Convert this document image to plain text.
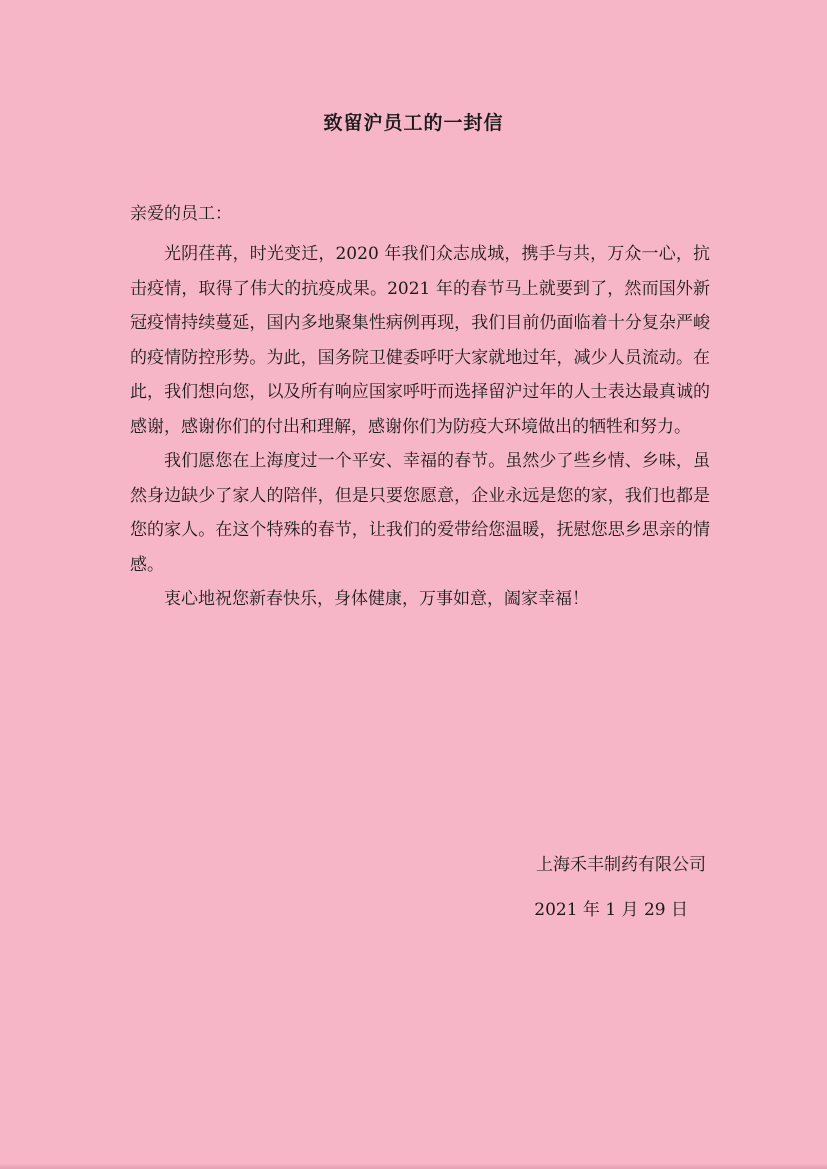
致留沪员工的一封信
亲爱的员工：

光阴荏苒，时光变迁，2020 年我们众志成城，携手与共，万众一心，抗击疫情，取得了伟大的抗疫成果。2021 年的春节马上就要到了，然而国外新冠疫情持续蔓延，国内多地聚集性病例再现，我们目前仍面临着十分复杂严峻的疫情防控形势。为此，国务院卫健委呼吁大家就地过年，减少人员流动。在此，我们想向您，以及所有响应国家呼吁而选择留沪过年的人士表达最真诚的感谢，感谢你们的付出和理解，感谢你们为防疫大环境做出的牺牲和努力。

我们愿您在上海度过一个平安、幸福的春节。虽然少了些乡情、乡味，虽然身边缺少了家人的陪伴，但是只要您愿意，企业永远是您的家，我们也都是您的家人。在这个特殊的春节，让我们的爱带给您温暖，抚慰您思乡思亲的情感。

衷心地祝您新春快乐，身体健康，万事如意，阖家幸福！

上海禾丰制药有限公司
2021 年 1 月 29 日
